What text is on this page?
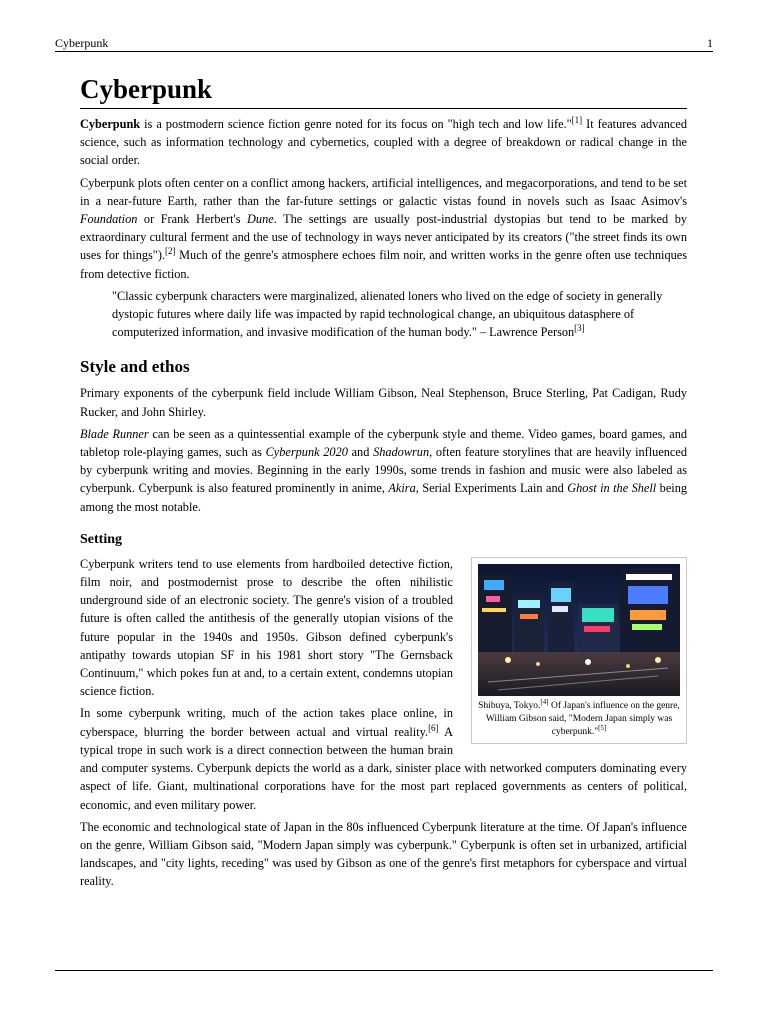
Cyberpunk	1
Cyberpunk

Cyberpunk is a postmodern science fiction genre noted for its focus on "high tech and low life."[1] It features advanced science, such as information technology and cybernetics, coupled with a degree of breakdown or radical change in the social order.

Cyberpunk plots often center on a conflict among hackers, artificial intelligences, and megacorporations, and tend to be set in a near-future Earth, rather than the far-future settings or galactic vistas found in novels such as Isaac Asimov's Foundation or Frank Herbert's Dune. The settings are usually post-industrial dystopias but tend to be marked by extraordinary cultural ferment and the use of technology in ways never anticipated by its creators ("the street finds its own uses for things").[2] Much of the genre's atmosphere echoes film noir, and written works in the genre often use techniques from detective fiction.

"Classic cyberpunk characters were marginalized, alienated loners who lived on the edge of society in generally dystopic futures where daily life was impacted by rapid technological change, an ubiquitous datasphere of computerized information, and invasive modification of the human body." – Lawrence Person[3]
Style and ethos

Primary exponents of the cyberpunk field include William Gibson, Neal Stephenson, Bruce Sterling, Pat Cadigan, Rudy Rucker, and John Shirley.

Blade Runner can be seen as a quintessential example of the cyberpunk style and theme. Video games, board games, and tabletop role-playing games, such as Cyberpunk 2020 and Shadowrun, often feature storylines that are heavily influenced by cyberpunk writing and movies. Beginning in the early 1990s, some trends in fashion and music were also labeled as cyberpunk. Cyberpunk is also featured prominently in anime, Akira, Serial Experiments Lain and Ghost in the Shell being among the most notable.

Setting
Shibuya, Tokyo.[4] Of Japan's influence on the genre, William Gibson said, "Modern Japan simply was cyberpunk."[5]

Cyberpunk writers tend to use elements from hardboiled detective fiction, film noir, and postmodernist prose to describe the often nihilistic underground side of an electronic society. The genre's vision of a troubled future is often called the antithesis of the generally utopian visions of the future popular in the 1940s and 1950s. Gibson defined cyberpunk's antipathy towards utopian SF in his 1981 short story "The Gernsback Continuum," which pokes fun at and, to a certain extent, condemns utopian science fiction.

In some cyberpunk writing, much of the action takes place online, in cyberspace, blurring the border between actual and virtual reality.[6] A typical trope in such work is a direct connection between the human brain and computer systems. Cyberpunk depicts the world as a dark, sinister place with networked computers dominating every aspect of life. Giant, multinational corporations have for the most part replaced governments as centers of political, economic, and even military power.

The economic and technological state of Japan in the 80s influenced Cyberpunk literature at the time. Of Japan's influence on the genre, William Gibson said, "Modern Japan simply was cyberpunk." Cyberpunk is often set in urbanized, artificial landscapes, and "city lights, receding" was used by Gibson as one of the genre's first metaphors for cyberspace and virtual reality.
